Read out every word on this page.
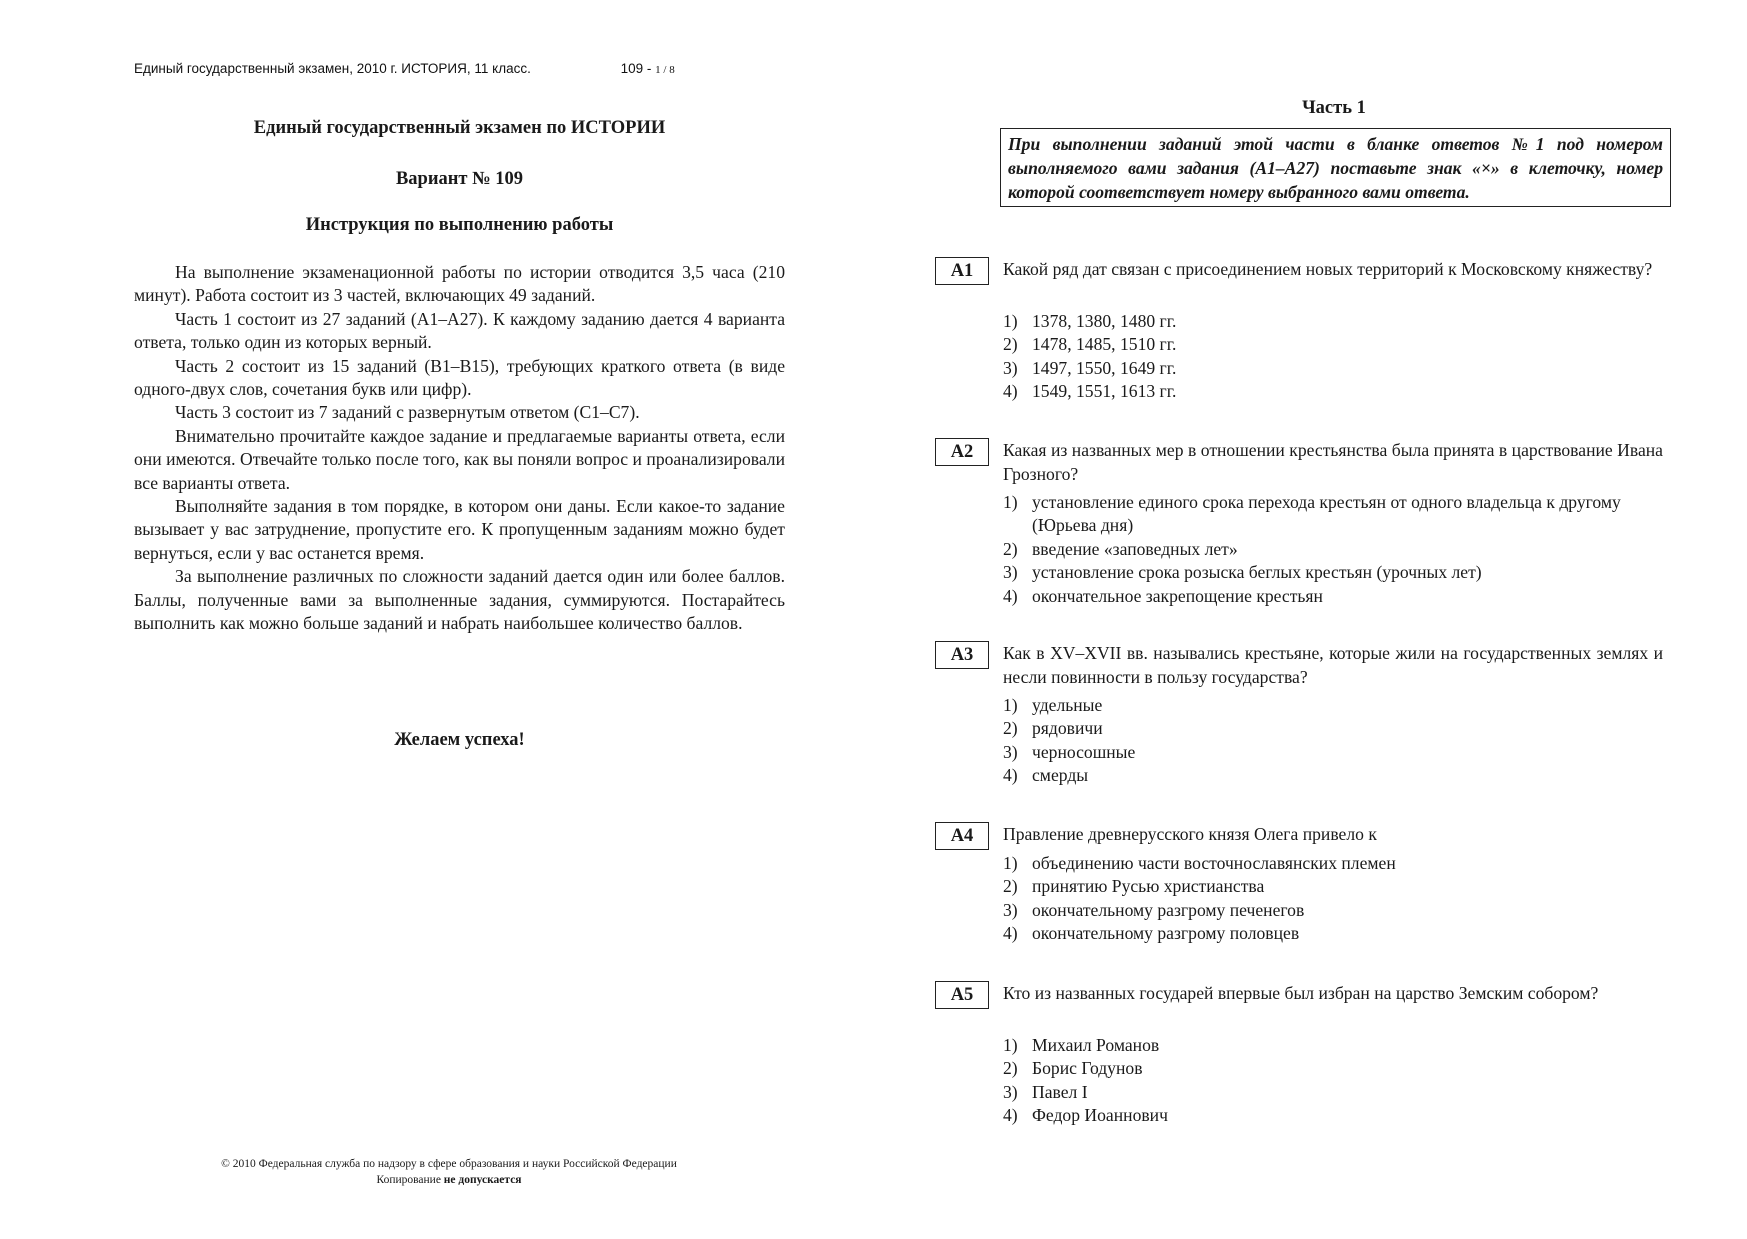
Единый государственный экзамен, 2010 г. ИСТОРИЯ, 11 класс.	109 - 1 / 8
Единый государственный экзамен по ИСТОРИИ
Вариант № 109
Инструкция по выполнению работы

На выполнение экзаменационной работы по истории отводится 3,5 часа (210 минут). Работа состоит из 3 частей, включающих 49 заданий.

Часть 1 состоит из 27 заданий (А1–А27). К каждому заданию дается 4 варианта ответа, только один из которых верный.

Часть 2 состоит из 15 заданий (В1–В15), требующих краткого ответа (в виде одного-двух слов, сочетания букв или цифр).

Часть 3 состоит из 7 заданий с развернутым ответом (С1–С7).

Внимательно прочитайте каждое задание и предлагаемые варианты ответа, если они имеются. Отвечайте только после того, как вы поняли вопрос и проанализировали все варианты ответа.

Выполняйте задания в том порядке, в котором они даны. Если какое-то задание вызывает у вас затруднение, пропустите его. К пропущенным заданиям можно будет вернуться, если у вас останется время.

За выполнение различных по сложности заданий дается один или более баллов. Баллы, полученные вами за выполненные задания, суммируются. Постарайтесь выполнить как можно больше заданий и набрать наибольшее количество баллов.

Желаем успеха!
© 2010 Федеральная служба по надзору в сфере образования и науки Российской Федерации
Копирование не допускается
Часть 1
При выполнении заданий этой части в бланке ответов №1 под номером выполняемого вами задания (А1–А27) поставьте знак «×» в клеточку, номер которой соответствует номеру выбранного вами ответа.
A1	Какой ряд дат связан с присоединением новых территорий к Московскому княжеству?
1) 1378, 1380, 1480 гг.
2) 1478, 1485, 1510 гг.
3) 1497, 1550, 1649 гг.
4) 1549, 1551, 1613 гг.
A2	Какая из названных мер в отношении крестьянства была принята в царствование Ивана Грозного?
1) установление единого срока перехода крестьян от одного владельца к другому (Юрьева дня)
2) введение «заповедных лет»
3) установление срока розыска беглых крестьян (урочных лет)
4) окончательное закрепощение крестьян
A3	Как в XV–XVII вв. назывались крестьяне, которые жили на государственных землях и несли повинности в пользу государства?
1) удельные
2) рядовичи
3) черносошные
4) смерды
A4	Правление древнерусского князя Олега привело к
1) объединению части восточнославянских племен
2) принятию Русью христианства
3) окончательному разгрому печенегов
4) окончательному разгрому половцев
A5	Кто из названных государей впервые был избран на царство Земским собором?
1) Михаил Романов
2) Борис Годунов
3) Павел I
4) Федор Иоаннович
